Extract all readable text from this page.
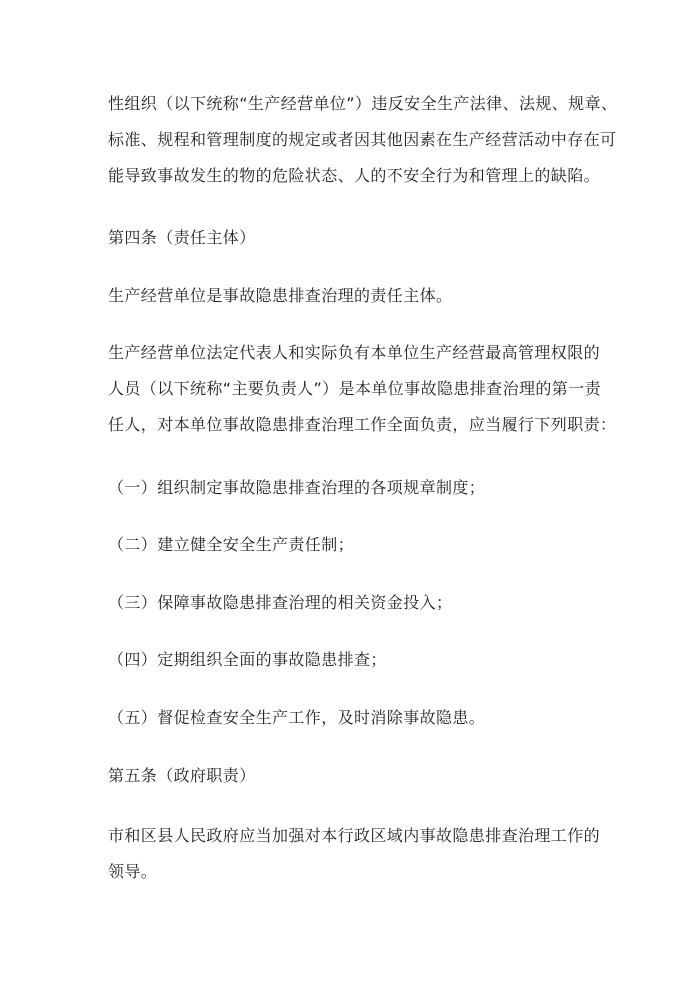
性组织（以下统称“生产经营单位”）违反安全生产法律、法规、规章、
标准、规程和管理制度的规定或者因其他因素在生产经营活动中存在可
能导致事故发生的物的危险状态、人的不安全行为和管理上的缺陷。
第四条（责任主体）
生产经营单位是事故隐患排查治理的责任主体。
生产经营单位法定代表人和实际负有本单位生产经营最高管理权限的
人员（以下统称“主要负责人”）是本单位事故隐患排查治理的第一责
任人，对本单位事故隐患排查治理工作全面负责，应当履行下列职责：
（一）组织制定事故隐患排查治理的各项规章制度；
（二）建立健全安全生产责任制；
（三）保障事故隐患排查治理的相关资金投入；
（四）定期组织全面的事故隐患排查；
（五）督促检查安全生产工作，及时消除事故隐患。
第五条（政府职责）
市和区县人民政府应当加强对本行政区域内事故隐患排查治理工作的
领导。
